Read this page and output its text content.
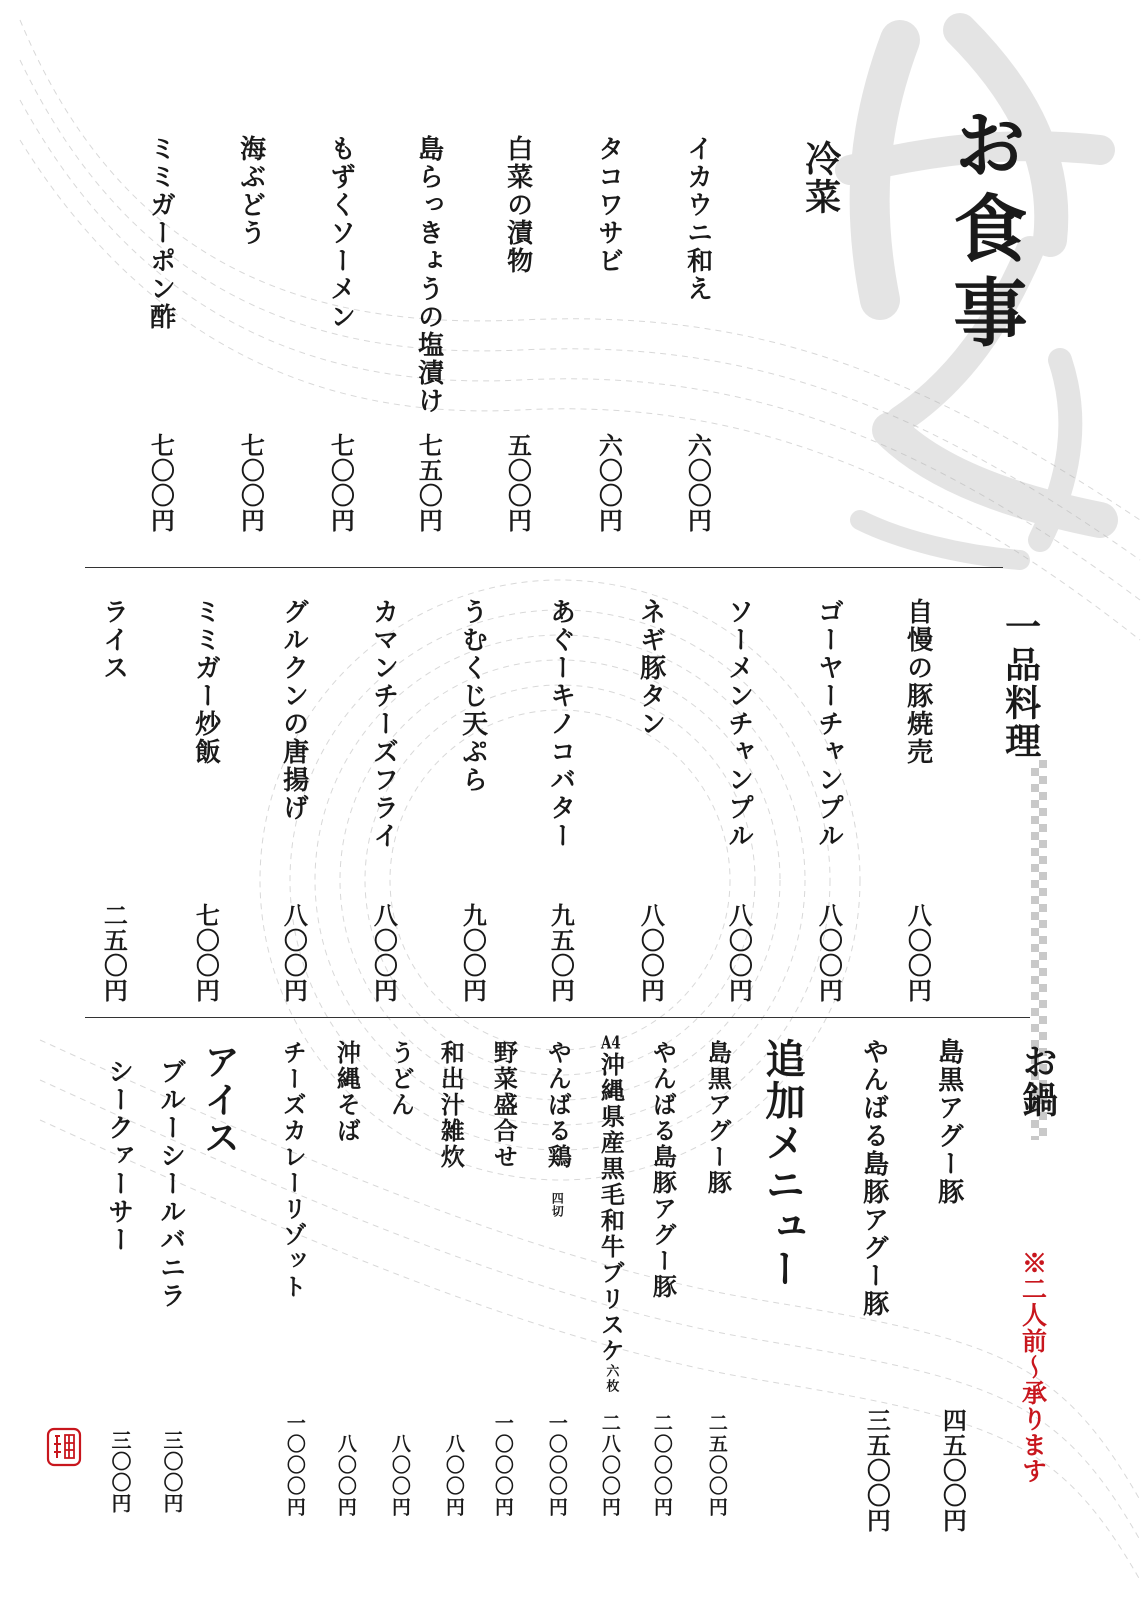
お食事
冷菜
イカウニ和え
六〇〇円
タコワサビ
六〇〇円
白菜の漬物
五〇〇円
島らっきょうの塩漬け
七五〇円
もずくソーメン
七〇〇円
海ぶどう
七〇〇円
ミミガーポン酢
七〇〇円
一品料理
自慢の豚焼売
八〇〇円
ゴーヤーチャンプル
八〇〇円
ソーメンチャンプル
八〇〇円
ネギ豚タン
八〇〇円
あぐーキノコバター
九五〇円
うむくじ天ぷら
九〇〇円
カマンチーズフライ
八〇〇円
グルクンの唐揚げ
八〇〇円
ミミガー炒飯
七〇〇円
ライス
二五〇円
お鍋
※二人前〜承ります
島黒アグー豚
四五〇〇円
やんばる島豚アグー豚
三五〇〇円
追加メニュー
島黒アグー豚
二五〇〇円
やんばる島豚アグー豚
二〇〇〇円
A4沖縄県産黒毛和牛ブリスケ六枚
二八〇〇円
やんばる鶏
四切
一〇〇〇円
野菜盛合せ
一〇〇〇円
和出汁雑炊
八〇〇円
うどん
八〇〇円
沖縄そば
八〇〇円
チーズカレーリゾット
一〇〇〇円
アイス
ブルーシールバニラ
三〇〇円
シークァーサー
三〇〇円
